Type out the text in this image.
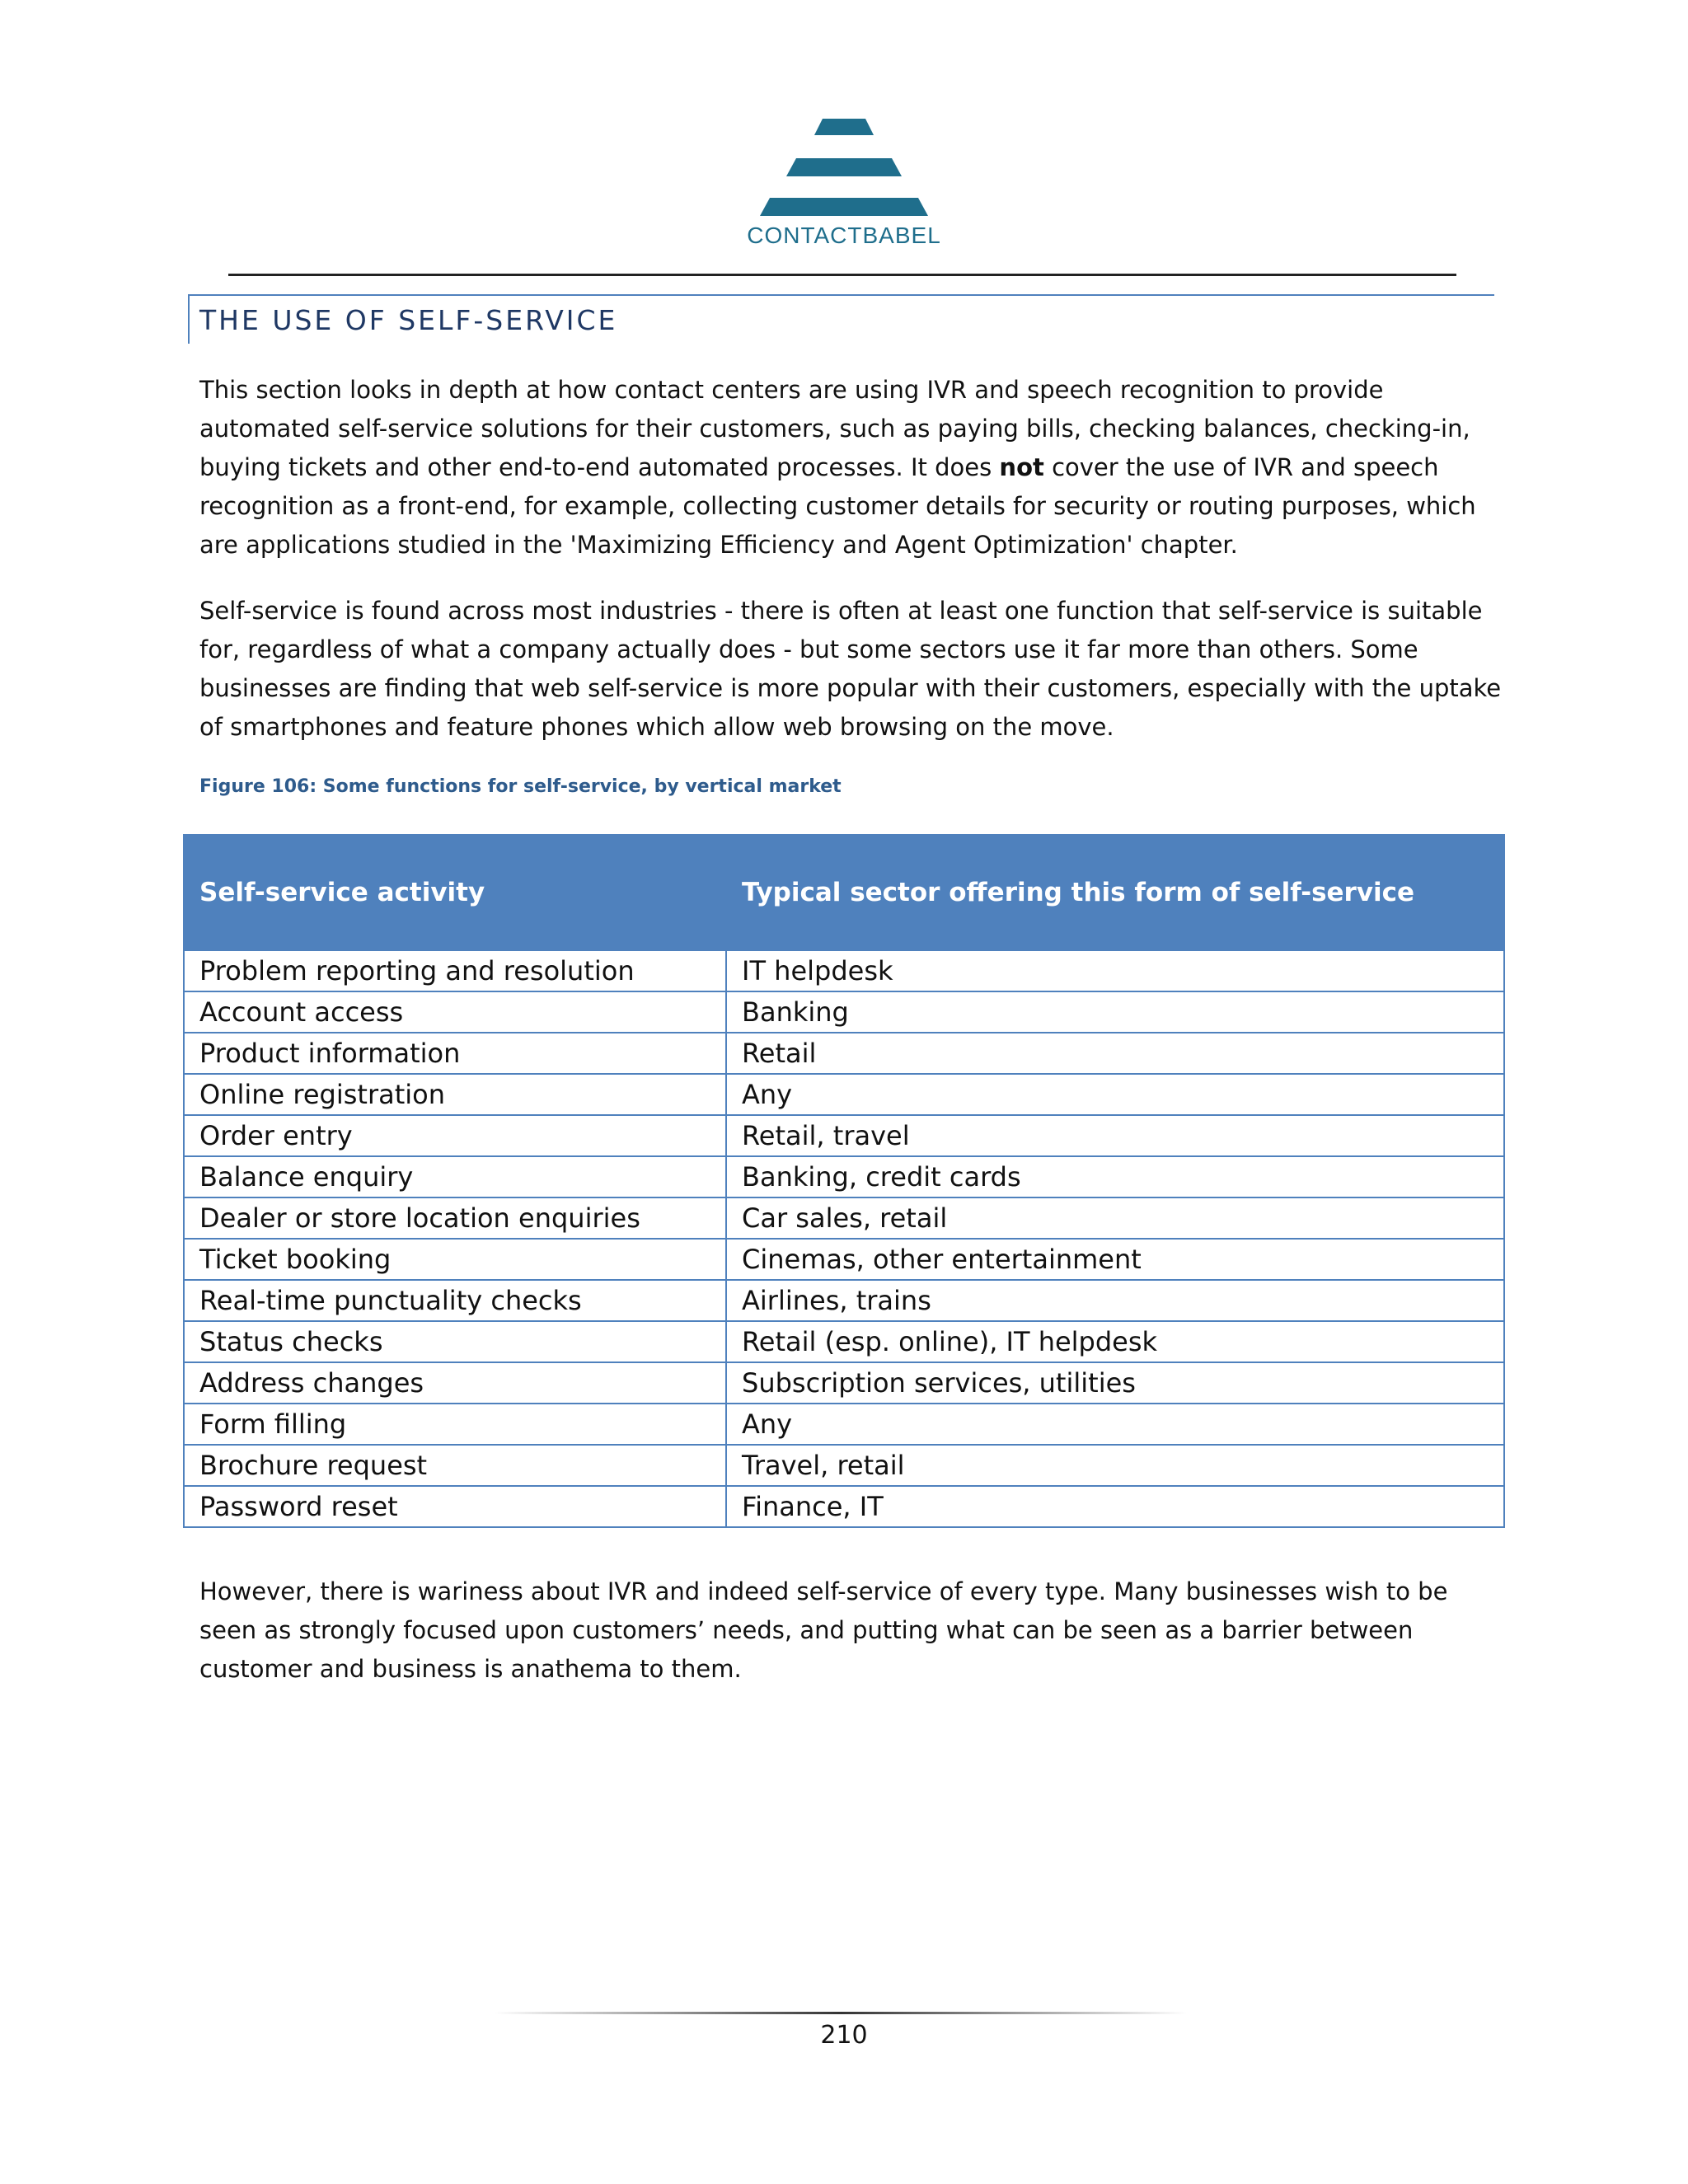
CONTACTBABEL
THE USE OF SELF-SERVICE
This section looks in depth at how contact centers are using IVR and speech recognition to provide automated self-service solutions for their customers, such as paying bills, checking balances, checking-in, buying tickets and other end-to-end automated processes. It does not cover the use of IVR and speech recognition as a front-end, for example, collecting customer details for security or routing purposes, which are applications studied in the 'Maximizing Efficiency and Agent Optimization' chapter.
Self-service is found across most industries - there is often at least one function that self-service is suitable for, regardless of what a company actually does - but some sectors use it far more than others. Some businesses are finding that web self-service is more popular with their customers, especially with the uptake of smartphones and feature phones which allow web browsing on the move.
Figure 106: Some functions for self-service, by vertical market
Self-service activity	Typical sector offering this form of self-service
Problem reporting and resolution	IT helpdesk
Account access	Banking
Product information	Retail
Online registration	Any
Order entry	Retail, travel
Balance enquiry	Banking, credit cards
Dealer or store location enquiries	Car sales, retail
Ticket booking	Cinemas, other entertainment
Real-time punctuality checks	Airlines, trains
Status checks	Retail (esp. online), IT helpdesk
Address changes	Subscription services, utilities
Form filling	Any
Brochure request	Travel, retail
Password reset	Finance, IT
However, there is wariness about IVR and indeed self-service of every type. Many businesses wish to be seen as strongly focused upon customers’ needs, and putting what can be seen as a barrier between customer and business is anathema to them.
210
